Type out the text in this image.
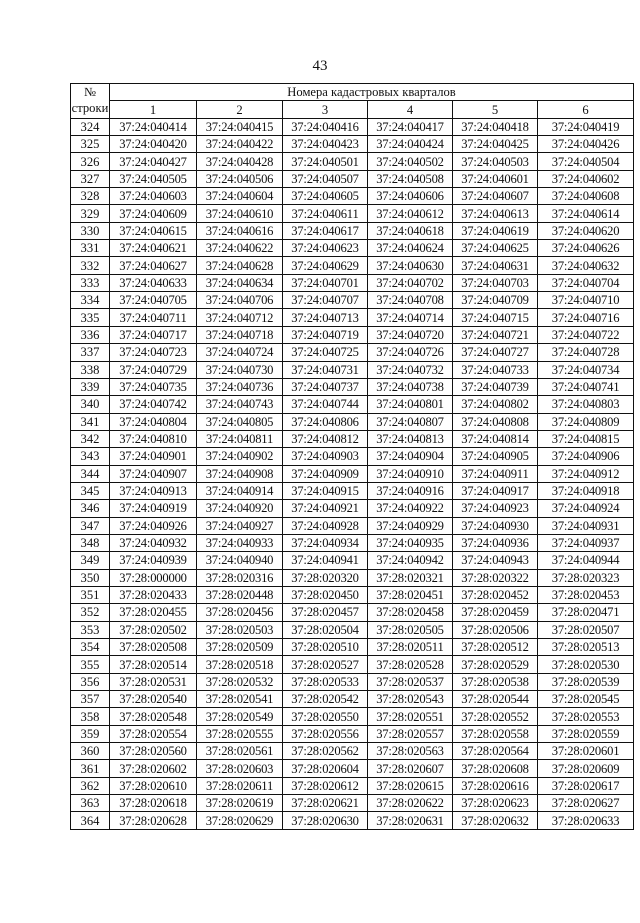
43
№
строки	Номера кадастровых кварталов					
	1	2	3	4	5	6
324	37:24:040414	37:24:040415	37:24:040416	37:24:040417	37:24:040418	37:24:040419
325	37:24:040420	37:24:040422	37:24:040423	37:24:040424	37:24:040425	37:24:040426
326	37:24:040427	37:24:040428	37:24:040501	37:24:040502	37:24:040503	37:24:040504
327	37:24:040505	37:24:040506	37:24:040507	37:24:040508	37:24:040601	37:24:040602
328	37:24:040603	37:24:040604	37:24:040605	37:24:040606	37:24:040607	37:24:040608
329	37:24:040609	37:24:040610	37:24:040611	37:24:040612	37:24:040613	37:24:040614
330	37:24:040615	37:24:040616	37:24:040617	37:24:040618	37:24:040619	37:24:040620
331	37:24:040621	37:24:040622	37:24:040623	37:24:040624	37:24:040625	37:24:040626
332	37:24:040627	37:24:040628	37:24:040629	37:24:040630	37:24:040631	37:24:040632
333	37:24:040633	37:24:040634	37:24:040701	37:24:040702	37:24:040703	37:24:040704
334	37:24:040705	37:24:040706	37:24:040707	37:24:040708	37:24:040709	37:24:040710
335	37:24:040711	37:24:040712	37:24:040713	37:24:040714	37:24:040715	37:24:040716
336	37:24:040717	37:24:040718	37:24:040719	37:24:040720	37:24:040721	37:24:040722
337	37:24:040723	37:24:040724	37:24:040725	37:24:040726	37:24:040727	37:24:040728
338	37:24:040729	37:24:040730	37:24:040731	37:24:040732	37:24:040733	37:24:040734
339	37:24:040735	37:24:040736	37:24:040737	37:24:040738	37:24:040739	37:24:040741
340	37:24:040742	37:24:040743	37:24:040744	37:24:040801	37:24:040802	37:24:040803
341	37:24:040804	37:24:040805	37:24:040806	37:24:040807	37:24:040808	37:24:040809
342	37:24:040810	37:24:040811	37:24:040812	37:24:040813	37:24:040814	37:24:040815
343	37:24:040901	37:24:040902	37:24:040903	37:24:040904	37:24:040905	37:24:040906
344	37:24:040907	37:24:040908	37:24:040909	37:24:040910	37:24:040911	37:24:040912
345	37:24:040913	37:24:040914	37:24:040915	37:24:040916	37:24:040917	37:24:040918
346	37:24:040919	37:24:040920	37:24:040921	37:24:040922	37:24:040923	37:24:040924
347	37:24:040926	37:24:040927	37:24:040928	37:24:040929	37:24:040930	37:24:040931
348	37:24:040932	37:24:040933	37:24:040934	37:24:040935	37:24:040936	37:24:040937
349	37:24:040939	37:24:040940	37:24:040941	37:24:040942	37:24:040943	37:24:040944
350	37:28:000000	37:28:020316	37:28:020320	37:28:020321	37:28:020322	37:28:020323
351	37:28:020433	37:28:020448	37:28:020450	37:28:020451	37:28:020452	37:28:020453
352	37:28:020455	37:28:020456	37:28:020457	37:28:020458	37:28:020459	37:28:020471
353	37:28:020502	37:28:020503	37:28:020504	37:28:020505	37:28:020506	37:28:020507
354	37:28:020508	37:28:020509	37:28:020510	37:28:020511	37:28:020512	37:28:020513
355	37:28:020514	37:28:020518	37:28:020527	37:28:020528	37:28:020529	37:28:020530
356	37:28:020531	37:28:020532	37:28:020533	37:28:020537	37:28:020538	37:28:020539
357	37:28:020540	37:28:020541	37:28:020542	37:28:020543	37:28:020544	37:28:020545
358	37:28:020548	37:28:020549	37:28:020550	37:28:020551	37:28:020552	37:28:020553
359	37:28:020554	37:28:020555	37:28:020556	37:28:020557	37:28:020558	37:28:020559
360	37:28:020560	37:28:020561	37:28:020562	37:28:020563	37:28:020564	37:28:020601
361	37:28:020602	37:28:020603	37:28:020604	37:28:020607	37:28:020608	37:28:020609
362	37:28:020610	37:28:020611	37:28:020612	37:28:020615	37:28:020616	37:28:020617
363	37:28:020618	37:28:020619	37:28:020621	37:28:020622	37:28:020623	37:28:020627
364	37:28:020628	37:28:020629	37:28:020630	37:28:020631	37:28:020632	37:28:020633
